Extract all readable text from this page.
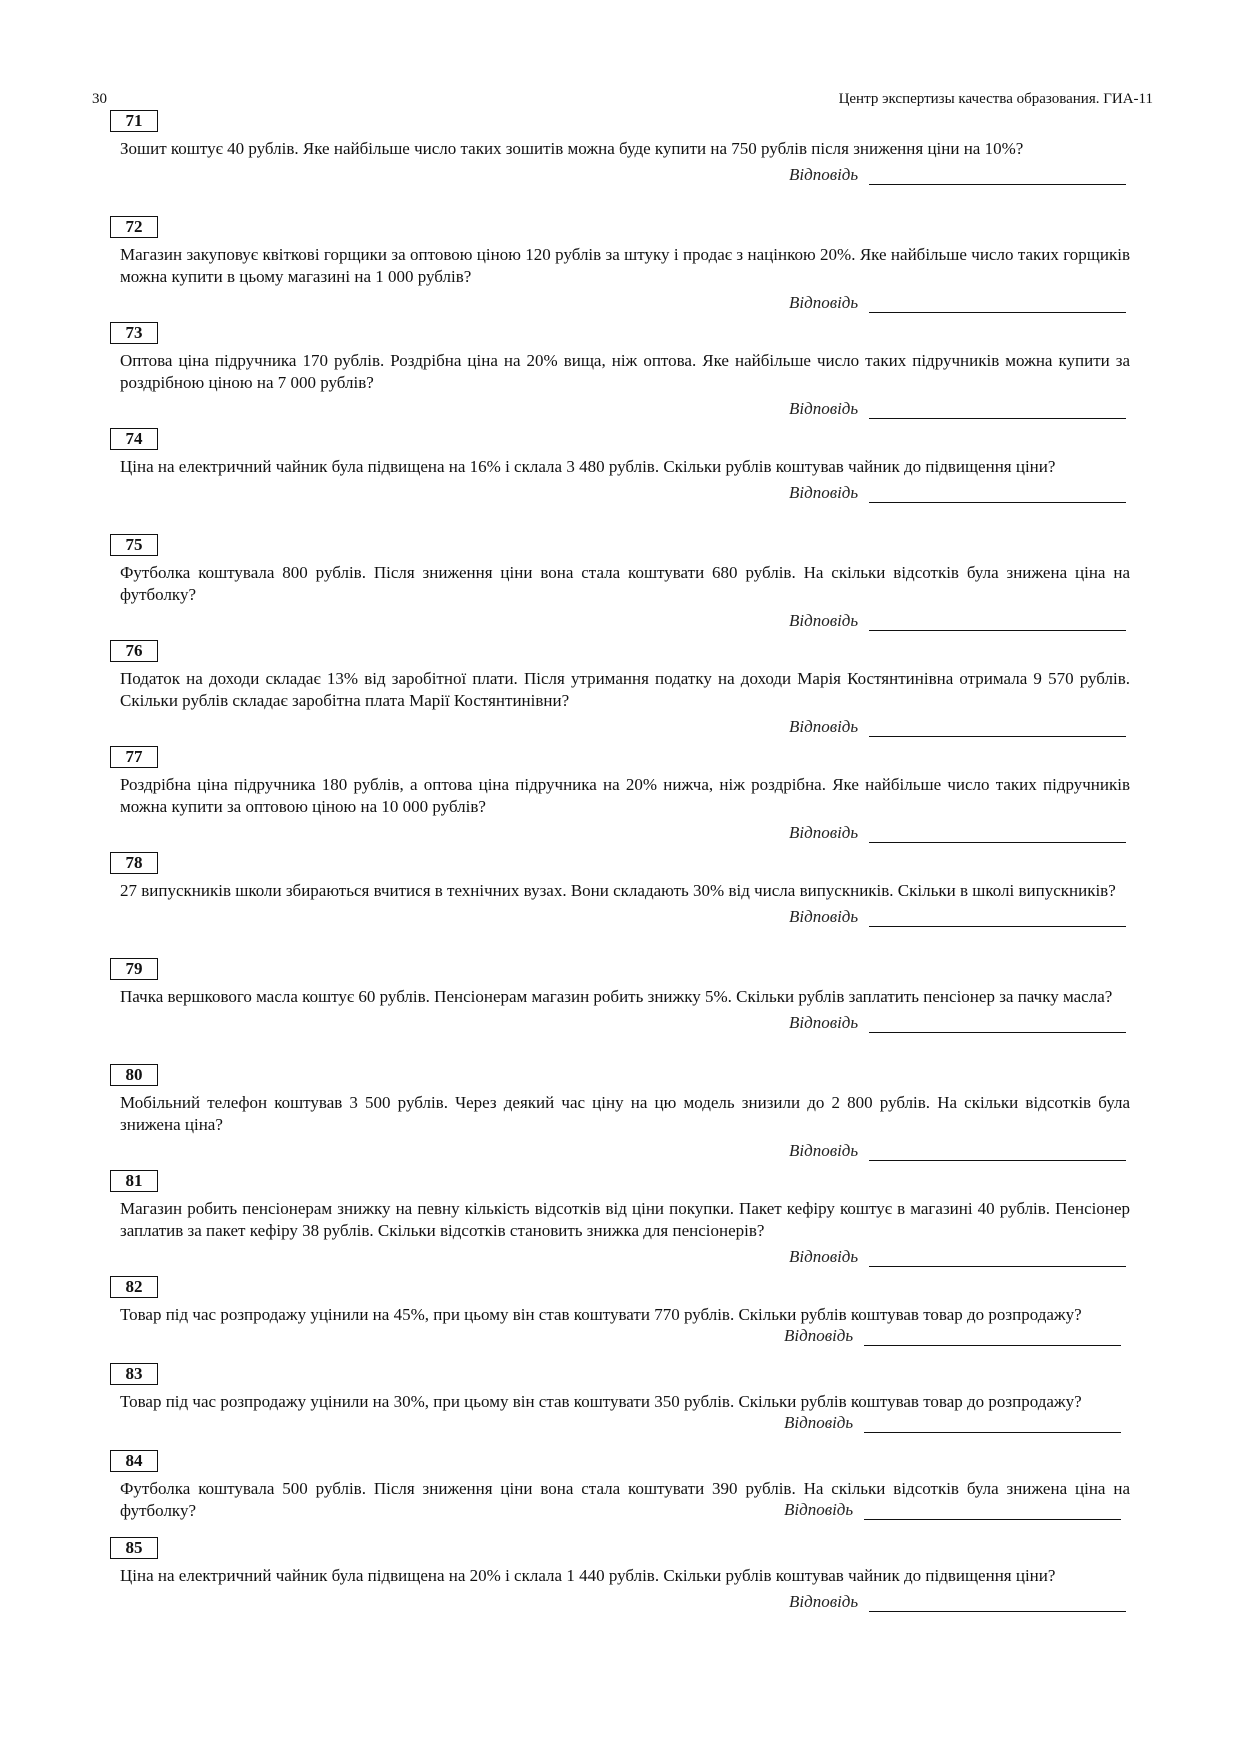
30	Центр экспертизы качества образования. ГИА-11
71

Зошит коштує 40 рублів. Яке найбільше число таких зошитів можна буде купити на 750 рублів після зниження ціни на 10%?

Відповідь
72

Магазин закуповує квіткові горщики за оптовою ціною 120 рублів за штуку і продає з націнкою 20%. Яке найбільше число таких горщиків можна купити в цьому магазині на 1 000 рублів?

Відповідь
73

Оптова ціна підручника 170 рублів. Роздрібна ціна на 20% вища, ніж оптова. Яке найбільше число таких підручників можна купити за роздрібною ціною на 7 000 рублів?

Відповідь
74

Ціна на електричний чайник була підвищена на 16% і склала 3 480 рублів. Скільки рублів коштував чайник до підвищення ціни?

Відповідь
75

Футболка коштувала 800 рублів. Після зниження ціни вона стала коштувати 680 рублів. На скільки відсотків була знижена ціна на футболку?

Відповідь
76

Податок на доходи складає 13% від заробітної плати. Після утримання податку на доходи Марія Костянтинівна отримала 9 570 рублів. Скільки рублів складає заробітна плата Марії Костянтинівни?

Відповідь
77

Роздрібна ціна підручника 180 рублів, а оптова ціна підручника на 20% нижча, ніж роздрібна. Яке найбільше число таких підручників можна купити за оптовою ціною на 10 000 рублів?

Відповідь
78

27 випускників школи збираються вчитися в технічних вузах. Вони складають 30% від числа випускників. Скільки в школі випускників?

Відповідь
79

Пачка вершкового масла коштує 60 рублів. Пенсіонерам магазин робить знижку 5%. Скільки рублів заплатить пенсіонер за пачку масла?

Відповідь
80

Мобільний телефон коштував 3 500 рублів. Через деякий час ціну на цю модель знизили до 2 800 рублів. На скільки відсотків була знижена ціна?

Відповідь
81

Магазин робить пенсіонерам знижку на певну кількість відсотків від ціни покупки. Пакет кефіру коштує в магазині 40 рублів. Пенсіонер заплатив за пакет кефіру 38 рублів. Скільки відсотків становить знижка для пенсіонерів?

Відповідь
82

Товар під час розпродажу уцінили на 45%, при цьому він став коштувати 770 рублів. Скільки рублів коштував товар до розпродажу?

Відповідь
83

Товар під час розпродажу уцінили на 30%, при цьому він став коштувати 350 рублів. Скільки рублів коштував товар до розпродажу?

Відповідь
84

Футболка коштувала 500 рублів. Після зниження ціни вона стала коштувати 390 рублів. На скільки відсотків була знижена ціна на футболку?	Відповідь
85

Ціна на електричний чайник була підвищена на 20% і склала 1 440 рублів. Скільки рублів коштував чайник до підвищення ціни?

Відповідь
